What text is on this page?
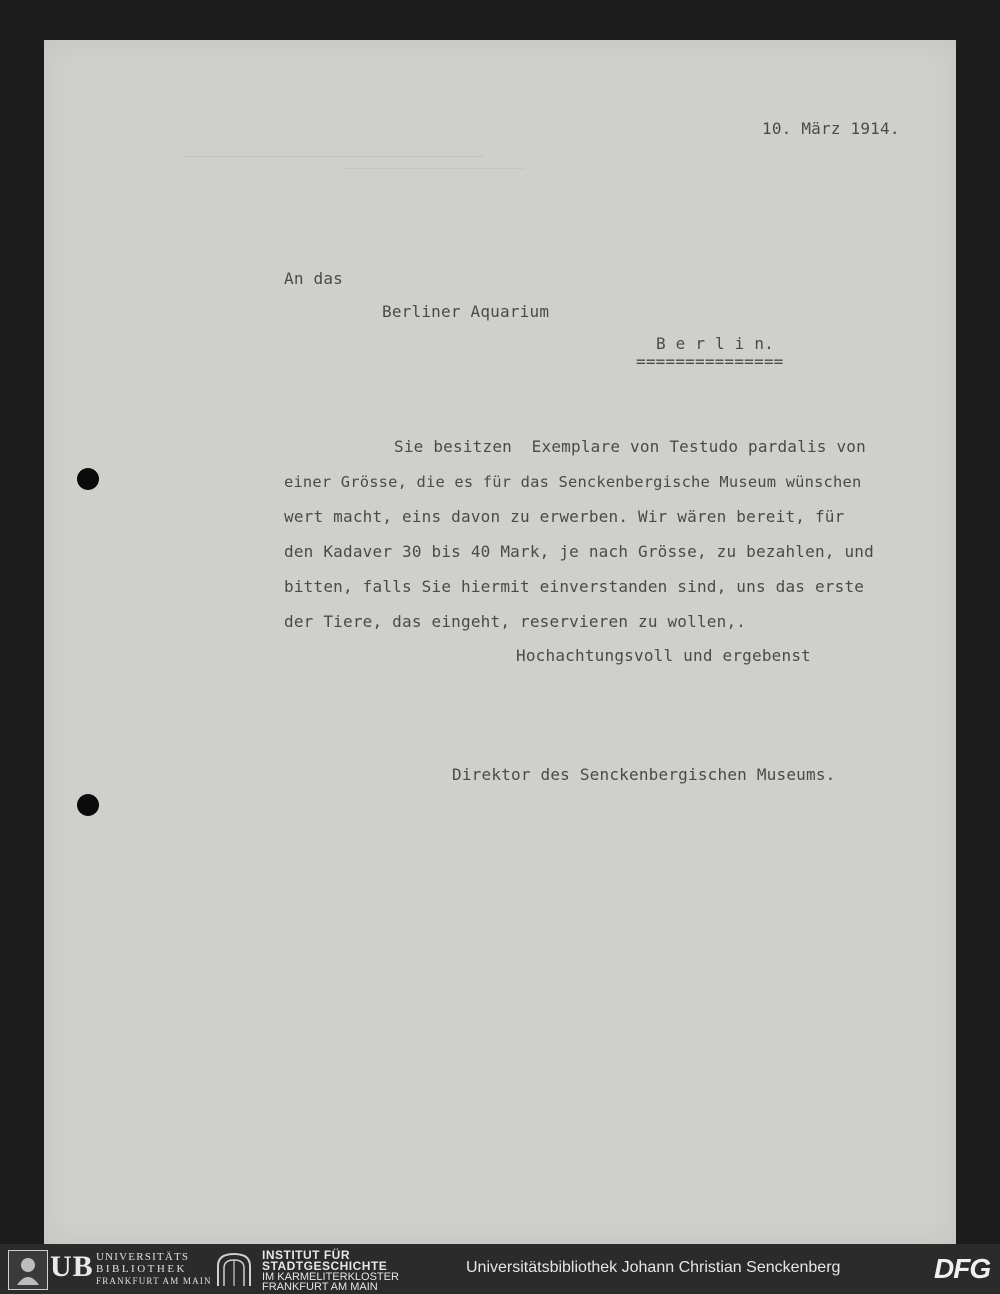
10. März 1914.
An das
Berliner Aquarium
B e r l i n.
===============
Sie besitzen  Exemplare von Testudo pardalis von
einer Grösse, die es für das Senckenbergische Museum wünschen
wert macht, eins davon zu erwerben. Wir wären bereit, für
den Kadaver 30 bis 40 Mark, je nach Grösse, zu bezahlen, und
bitten, falls Sie hiermit einverstanden sind, uns das erste
der Tiere, das eingeht, reservieren zu wollen,.
Hochachtungsvoll und ergebenst
Direktor des Senckenbergischen Museums.
UB UNIVERSITÄTS
BIBLIOTHEK
FRANKFURT AM MAIN
INSTITUT FÜR
STADTGESCHICHTE
IM KARMELITERKLOSTER
FRANKFURT AM MAIN
Universitätsbibliothek Johann Christian Senckenberg	DFG
